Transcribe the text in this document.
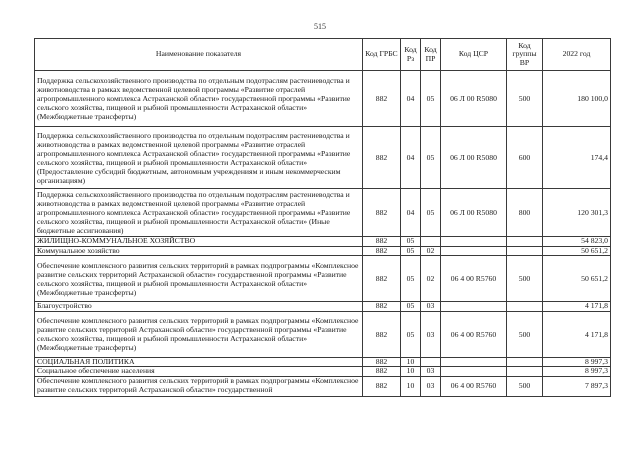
515
Наименование показателя	Код ГРБС	Код Рз	Код ПР	Код ЦСР	Код группы ВР	2022 год
Поддержка сельскохозяйственного производства по отдельным подотраслям растениеводства и животноводства в рамках ведомственной целевой программы «Развитие отраслей агропромышленного комплекса Астраханской области» государственной программы «Развитие сельского хозяйства, пищевой и рыбной промышленности Астраханской области» (Межбюджетные трансферты)	882	04	05	06 Л 00 R5080	500	180 100,0
Поддержка сельскохозяйственного производства по отдельным подотраслям растениеводства и животноводства в рамках ведомственной целевой программы «Развитие отраслей агропромышленного комплекса Астраханской области» государственной программы «Развитие сельского хозяйства, пищевой и рыбной промышленности Астраханской области» (Предоставление субсидий бюджетным, автономным учреждениям и иным некоммерческим организациям)	882	04	05	06 Л 00 R5080	600	174,4
Поддержка сельскохозяйственного производства по отдельным подотраслям растениеводства и животноводства в рамках ведомственной целевой программы «Развитие отраслей агропромышленного комплекса Астраханской области» государственной программы «Развитие сельского хозяйства, пищевой и рыбной промышленности Астраханской области» (Иные бюджетные ассигнования)	882	04	05	06 Л 00 R5080	800	120 301,3
ЖИЛИЩНО-КОММУНАЛЬНОЕ ХОЗЯЙСТВО	882	05				54 823,0
Коммунальное хозяйство	882	05	02			50 651,2
Обеспечение комплексного развития сельских территорий в рамках подпрограммы «Комплексное развитие сельских территорий Астраханской области» государственной программы «Развитие сельского хозяйства, пищевой и рыбной промышленности Астраханской области» (Межбюджетные трансферты)	882	05	02	06 4 00 R5760	500	50 651,2
Благоустройство	882	05	03			4 171,8
Обеспечение комплексного развития сельских территорий в рамках подпрограммы «Комплексное развитие сельских территорий Астраханской области» государственной программы «Развитие сельского хозяйства, пищевой и рыбной промышленности Астраханской области» (Межбюджетные трансферты)	882	05	03	06 4 00 R5760	500	4 171,8
СОЦИАЛЬНАЯ ПОЛИТИКА	882	10				8 997,3
Социальное обеспечение населения	882	10	03			8 997,3
Обеспечение комплексного развития сельских территорий в рамках подпрограммы «Комплексное развитие сельских территорий Астраханской области» государственной	882	10	03	06 4 00 R5760	500	7 897,3
